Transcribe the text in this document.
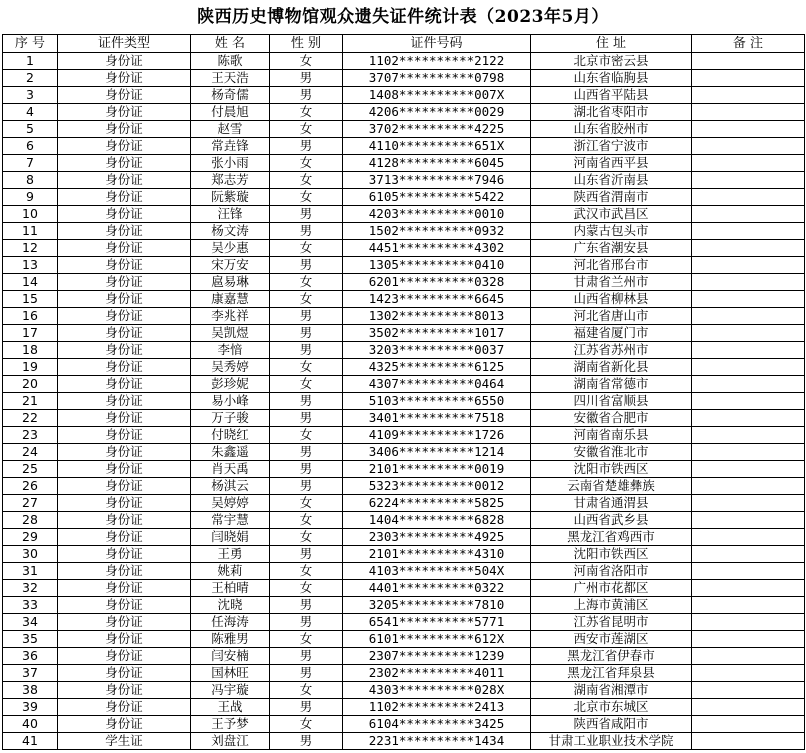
陕西历史博物馆观众遗失证件统计表（2023年5月）
序 号	证件类型	姓 名	性 别	证件号码	住 址	备 注
1	身份证	陈歌	女	1102**********2122	北京市密云县	
2	身份证	王天浩	男	3707**********0798	山东省临朐县	
3	身份证	杨奇儒	男	1408**********007X	山西省平陆县	
4	身份证	付晨旭	女	4206**********0029	湖北省枣阳市	
5	身份证	赵雪	女	3702**********4225	山东省胶州市	
6	身份证	常垚锋	男	4110**********651X	浙江省宁波市	
7	身份证	张小雨	女	4128**********6045	河南省西平县	
8	身份证	郑志芳	女	3713**********7946	山东省沂南县	
9	身份证	阮紫璇	女	6105**********5422	陕西省渭南市	
10	身份证	汪锋	男	4203**********0010	武汉市武昌区	
11	身份证	杨文涛	男	1502**********0932	内蒙古包头市	
12	身份证	吴少惠	女	4451**********4302	广东省潮安县	
13	身份证	宋万安	男	1305**********0410	河北省邢台市	
14	身份证	扈易琳	女	6201**********0328	甘肃省兰州市	
15	身份证	康嘉慧	女	1423**********6645	山西省柳林县	
16	身份证	李兆祥	男	1302**********8013	河北省唐山市	
17	身份证	吴凯煜	男	3502**********1017	福建省厦门市	
18	身份证	李愔	男	3203**********0037	江苏省苏州市	
19	身份证	吴秀婷	女	4325**********6125	湖南省新化县	
20	身份证	彭珍妮	女	4307**********0464	湖南省常德市	
21	身份证	易小峰	男	5103**********6550	四川省富顺县	
22	身份证	万子骏	男	3401**********7518	安徽省合肥市	
23	身份证	付晓红	女	4109**********1726	河南省南乐县	
24	身份证	朱鑫遥	男	3406**********1214	安徽省淮北市	
25	身份证	肖天禹	男	2101**********0019	沈阳市铁西区	
26	身份证	杨淇云	男	5323**********0012	云南省楚雄彝族	
27	身份证	吴婷婷	女	6224**********5825	甘肃省通渭县	
28	身份证	常宇慧	女	1404**********6828	山西省武乡县	
29	身份证	闫晓娟	女	2303**********4925	黑龙江省鸡西市	
30	身份证	王勇	男	2101**********4310	沈阳市铁西区	
31	身份证	姚莉	女	4103**********504X	河南省洛阳市	
32	身份证	王柏晴	女	4401**********0322	广州市花都区	
33	身份证	沈晓	男	3205**********7810	上海市黄浦区	
34	身份证	任海涛	男	6541**********5771	江苏省昆明市	
35	身份证	陈雅男	女	6101**********612X	西安市莲湖区	
36	身份证	闫安楠	男	2307**********1239	黑龙江省伊春市	
37	身份证	国林旺	男	2302**********4011	黑龙江省拜泉县	
38	身份证	冯宇璇	女	4303**********028X	湖南省湘潭市	
39	身份证	王战	男	1102**********2413	北京市东城区	
40	身份证	王予梦	女	6104**********3425	陕西省咸阳市	
41	学生证	刘盘江	男	2231**********1434	甘肃工业职业技术学院	
